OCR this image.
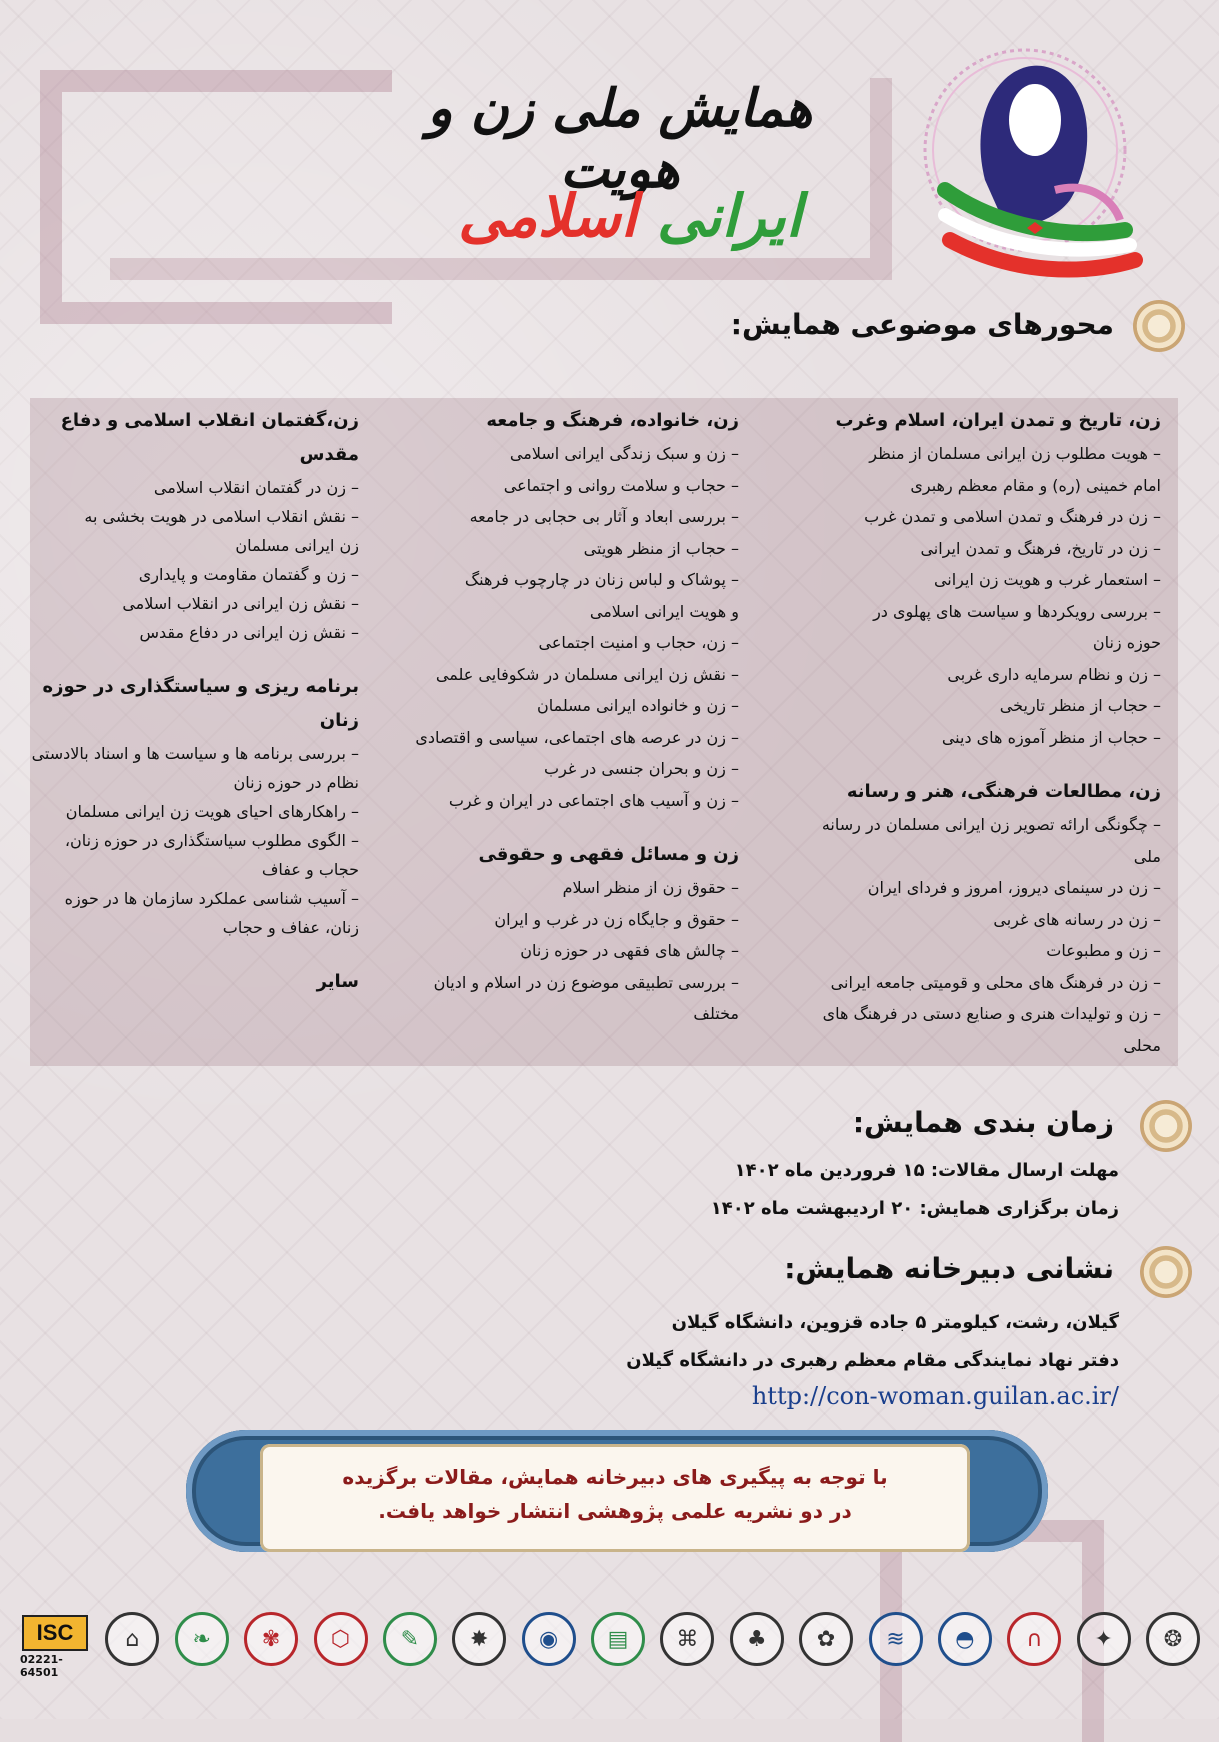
همایش ملی زن و هویت
ایرانی اسلامی
محورهای موضوعی همایش:
زن، تاریخ و تمدن ایران، اسلام وغرب
– هویت مطلوب زن ایرانی مسلمان از منظر
امام خمینی (ره) و مقام معظم رهبری
– زن در فرهنگ و تمدن اسلامی و تمدن غرب
– زن در تاریخ، فرهنگ و تمدن ایرانی
– استعمار غرب و هویت زن ایرانی
– بررسی رویکردها و سیاست های پهلوی در
حوزه زنان
– زن و نظام سرمایه داری غربی
– حجاب از منظر تاریخی
– حجاب از منظر آموزه های دینی
زن، مطالعات فرهنگی، هنر و رسانه
– چگونگی ارائه تصویر زن ایرانی مسلمان در رسانه ملی
– زن در سینمای دیروز، امروز و فردای ایران
– زن در رسانه های غربی
– زن و مطبوعات
– زن در فرهنگ های محلی و قومیتی جامعه ایرانی
– زن و تولیدات هنری و صنایع دستی در فرهنگ های
محلی
زن، خانواده، فرهنگ و جامعه
– زن و سبک زندگی ایرانی اسلامی
– حجاب و سلامت روانی و اجتماعی
– بررسی ابعاد و آثار بی حجابی در جامعه
– حجاب از منظر هویتی
– پوشاک و لباس زنان در چارچوب فرهنگ
و هویت ایرانی اسلامی
– زن، حجاب و امنیت اجتماعی
– نقش زن ایرانی مسلمان در شکوفایی علمی
– زن و خانواده ایرانی مسلمان
– زن در عرصه های اجتماعی، سیاسی و اقتصادی
– زن و بحران جنسی در غرب
– زن و آسیب های اجتماعی در ایران و غرب
زن و مسائل فقهی و حقوقی
– حقوق زن از منظر اسلام
– حقوق و جایگاه زن در غرب و ایران
– چالش های فقهی در حوزه زنان
– بررسی تطبیقی موضوع زن در اسلام و ادیان
مختلف
زن،گفتمان انقلاب اسلامی و دفاع مقدس
– زن در گفتمان انقلاب اسلامی
– نقش انقلاب اسلامی در هویت بخشی به
زن ایرانی مسلمان
– زن و گفتمان مقاومت و پایداری
– نقش زن ایرانی در انقلاب اسلامی
– نقش زن ایرانی در دفاع مقدس
برنامه ریزی و سیاستگذاری در حوزه زنان
– بررسی برنامه ها و سیاست ها و اسناد بالادستی
نظام در حوزه زنان
– راهکارهای احیای هویت زن ایرانی مسلمان
– الگوی مطلوب سیاستگذاری در حوزه زنان،
حجاب و عفاف
– آسیب شناسی عملکرد سازمان ها در حوزه
زنان، عفاف و حجاب
سایر
زمان بندی همایش:
مهلت ارسال مقالات: ۱۵ فروردین ماه ۱۴۰۲
زمان برگزاری همایش: ۲۰ اردیبهشت ماه ۱۴۰۲
نشانی دبیرخانه همایش:
گیلان، رشت، کیلومتر ۵ جاده قزوین، دانشگاه گیلان
دفتر نهاد نمایندگی مقام معظم رهبری در دانشگاه گیلان
http://con-woman.guilan.ac.ir/
با توجه به پیگیری های دبیرخانه همایش، مقالات برگزیده
در دو نشریه علمی پژوهشی انتشار خواهد یافت.
ISC
02221-64501
⌂	❧	✾	⬡	✎	✸	◉	▤	⌘	♣	✿	≋	◓	∩	✦	❂
